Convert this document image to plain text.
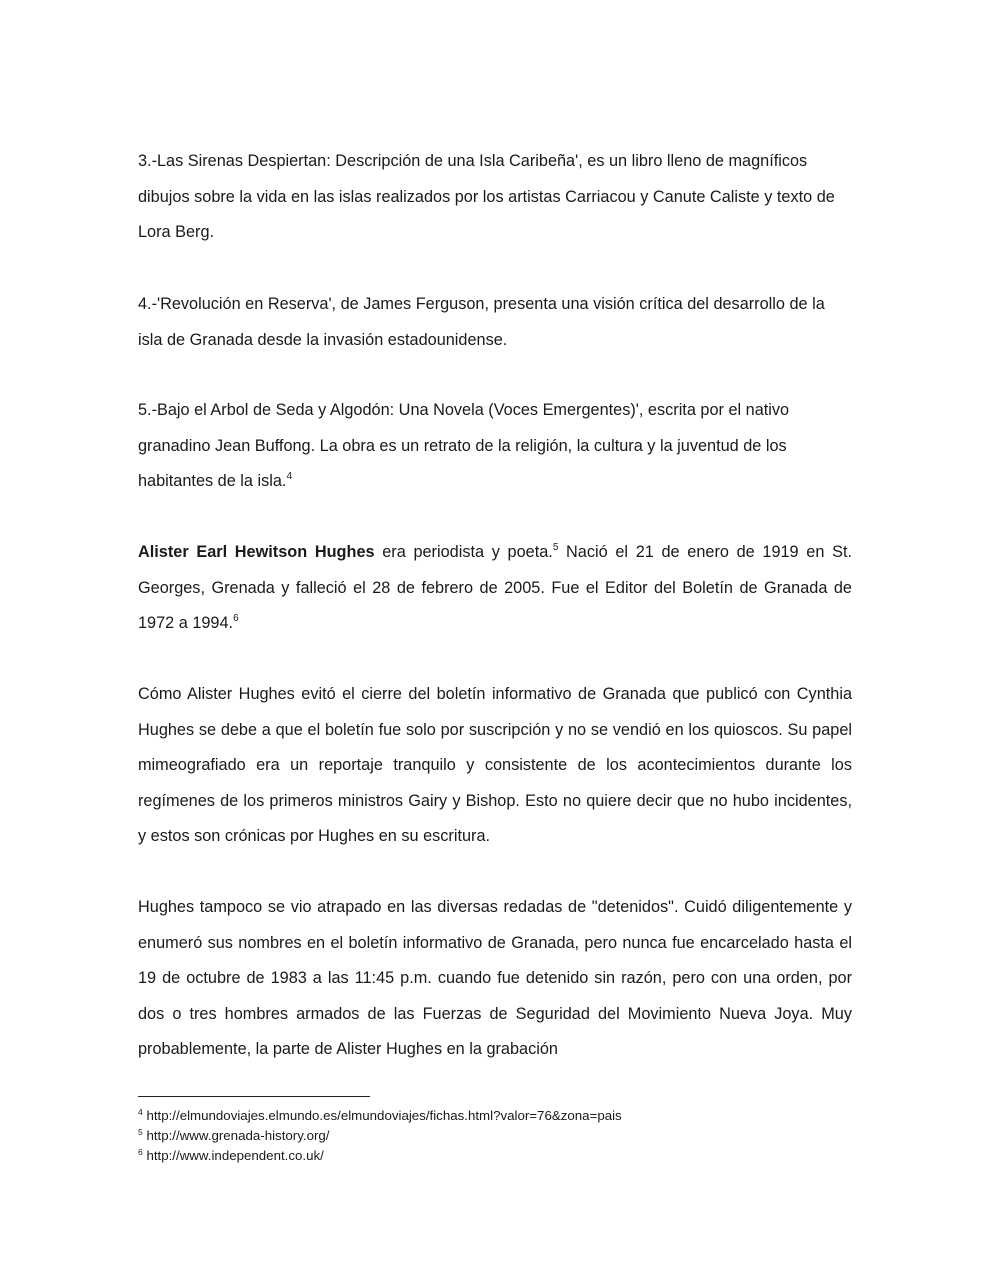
3.-Las Sirenas Despiertan: Descripción de una Isla Caribeña', es un libro lleno de magníficos dibujos sobre la vida en las islas realizados por los artistas Carriacou y Canute Caliste y texto de Lora Berg.

4.-'Revolución en Reserva', de James Ferguson, presenta una visión crítica del desarrollo de la isla de Granada desde la invasión estadounidense.

5.-Bajo el Arbol de Seda y Algodón: Una Novela (Voces Emergentes)', escrita por el nativo granadino Jean Buffong. La obra es un retrato de la religión, la cultura y la juventud de los habitantes de la isla.$^4$

Alister Earl Hewitson Hughes era periodista y poeta.$^5$ Nació el 21 de enero de 1919 en St. Georges, Grenada y falleció el 28 de febrero de 2005. Fue el Editor del Boletín de Granada de 1972 a 1994.$^6$

Cómo Alister Hughes evitó el cierre del boletín informativo de Granada que publicó con Cynthia Hughes se debe a que el boletín fue solo por suscripción y no se vendió en los quioscos. Su papel mimeografiado era un reportaje tranquilo y consistente de los acontecimientos durante los regímenes de los primeros ministros Gairy y Bishop. Esto no quiere decir que no hubo incidentes, y estos son crónicas por Hughes en su escritura.

Hughes tampoco se vio atrapado en las diversas redadas de "detenidos". Cuidó diligentemente y enumeró sus nombres en el boletín informativo de Granada, pero nunca fue encarcelado hasta el 19 de octubre de 1983 a las 11:45 p.m. cuando fue detenido sin razón, pero con una orden, por dos o tres hombres armados de las Fuerzas de Seguridad del Movimiento Nueva Joya. Muy probablemente, la parte de Alister Hughes en la grabación

$^4$ http://elmundoviajes.elmundo.es/elmundoviajes/fichas.html?valor=76&zona=pais
$^5$ http://www.grenada-history.org/
$^6$ http://www.independent.co.uk/
